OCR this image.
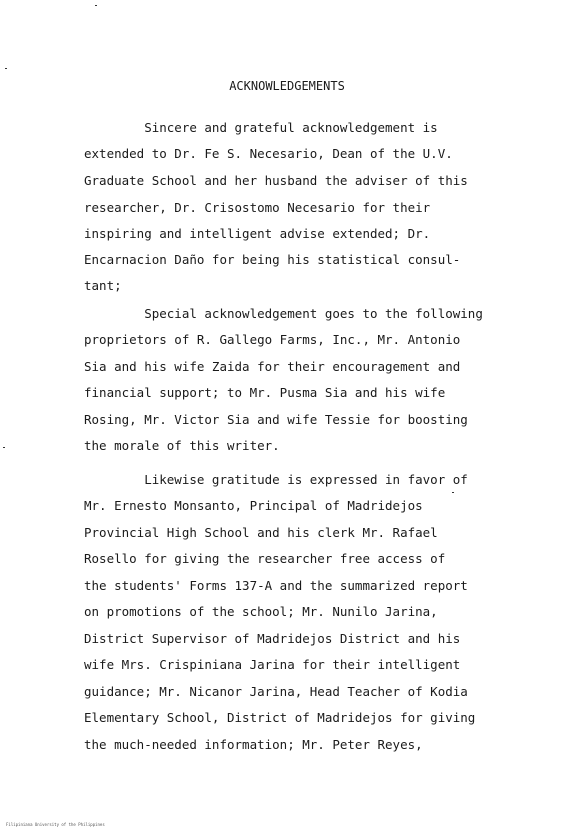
ACKNOWLEDGEMENTS
Sincere and grateful acknowledgement is
extended to Dr. Fe S. Necesario, Dean of the U.V.
Graduate School and her husband the adviser of this
researcher, Dr. Crisostomo Necesario for their
inspiring and intelligent advise extended; Dr.
Encarnacion Daño for being his statistical consul-
tant;
Special acknowledgement goes to the following
proprietors of R. Gallego Farms, Inc., Mr. Antonio
Sia and his wife Zaida for their encouragement and
financial support; to Mr. Pusma Sia and his wife
Rosing, Mr. Victor Sia and wife Tessie for boosting
the morale of this writer.
Likewise gratitude is expressed in favor of
Mr. Ernesto Monsanto, Principal of Madridejos
Provincial High School and his clerk Mr. Rafael
Rosello for giving the researcher free access of
the students' Forms 137-A and the summarized report
on promotions of the school; Mr. Nunilo Jarina,
District Supervisor of Madridejos District and his
wife Mrs. Crispiniana Jarina for their intelligent
guidance; Mr. Nicanor Jarina, Head Teacher of Kodia
Elementary School, District of Madridejos for giving
the much-needed information; Mr. Peter Reyes,
Filipiniana University of the Philippines
